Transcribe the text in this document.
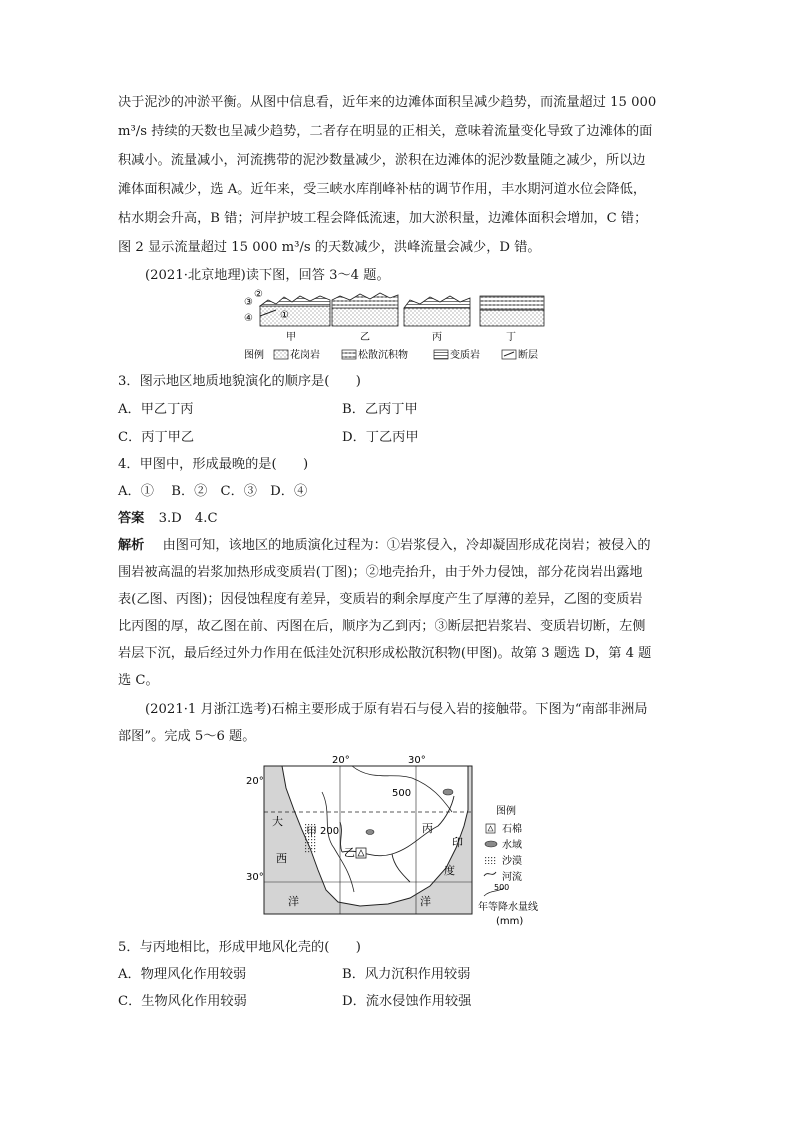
决于泥沙的冲淤平衡。从图中信息看，近年来的边滩体面积呈减少趋势，而流量超过 15 000
m³/s 持续的天数也呈减少趋势，二者存在明显的正相关，意味着流量变化导致了边滩体的面
积减小。流量减小，河流携带的泥沙数量减少，淤积在边滩体的泥沙数量随之减少，所以边
滩体面积减少，选 A。近年来，受三峡水库削峰补枯的调节作用，丰水期河道水位会降低，
枯水期会升高，B 错；河岸护坡工程会降低流速，加大淤积量，边滩体面积会增加，C 错；
图 2 显示流量超过 15 000 m³/s 的天数减少，洪峰流量会减少，D 错。
(2021·北京地理)读下图，回答 3～4 题。
③
②
④	①
甲	乙	丙	丁
图例	花岗岩	松散沉积物	变质岩	断层
3．图示地区地质地貌演化的顺序是(　　)
A．甲乙丁丙	B．乙丙丁甲
C．丙丁甲乙	D．丁乙丙甲
4．甲图中，形成最晚的是(　　)
A．①　 B．②　C．③　D．④
答案 3.D　4.C
解析 由图可知，该地区的地质演化过程为：①岩浆侵入，冷却凝固形成花岗岩；被侵入的
围岩被高温的岩浆加热形成变质岩(丁图)；②地壳抬升，由于外力侵蚀，部分花岗岩出露地
表(乙图、丙图)；因侵蚀程度有差异，变质岩的剩余厚度产生了厚薄的差异，乙图的变质岩
比丙图的厚，故乙图在前、丙图在后，顺序为乙到丙；③断层把岩浆岩、变质岩切断，左侧
岩层下沉，最后经过外力作用在低洼处沉积形成松散沉积物(甲图)。故第 3 题选 D，第 4 题
选 C。
(2021·1 月浙江选考)石棉主要形成于原有岩石与侵入岩的接触带。下图为“南部非洲局
部图”。完成 5～6 题。
20°
30°
20°	30°
500
200
大
西
洋
印
度
洋
甲
乙
丙
图例
石棉
水域
沙漠
河流
500
年等降水量线
(mm)
5．与丙地相比，形成甲地风化壳的(　　)
A．物理风化作用较弱	B．风力沉积作用较弱
C．生物风化作用较弱	D．流水侵蚀作用较强
